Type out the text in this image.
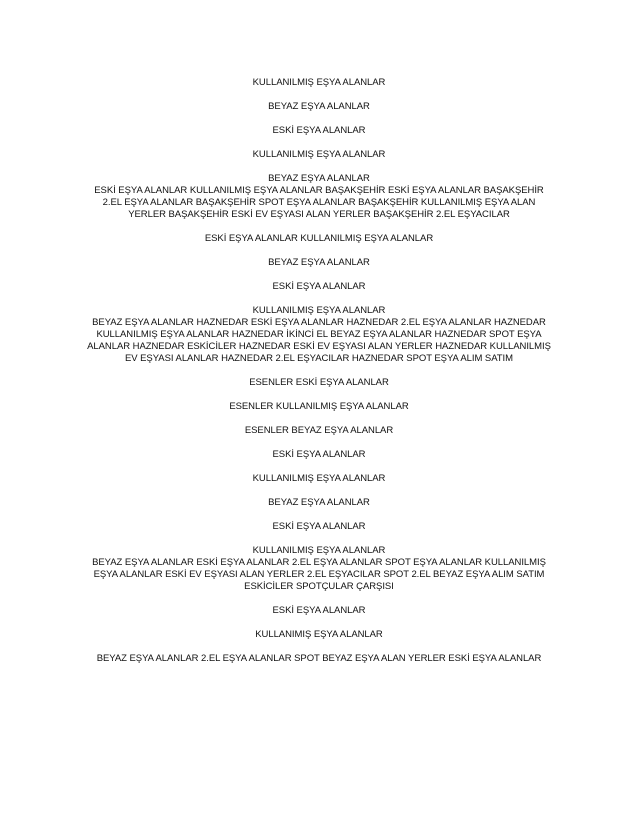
KULLANILMIŞ EŞYA ALANLAR

BEYAZ EŞYA ALANLAR

ESKİ EŞYA ALANLAR

KULLANILMIŞ EŞYA ALANLAR

BEYAZ EŞYA ALANLAR

ESKİ EŞYA ALANLAR KULLANILMIŞ EŞYA ALANLAR BAŞAKŞEHİR ESKİ EŞYA ALANLAR BAŞAKŞEHİR 2.EL EŞYA ALANLAR BAŞAKŞEHİR SPOT EŞYA ALANLAR BAŞAKŞEHİR KULLANILMIŞ EŞYA ALAN YERLER BAŞAKŞEHİR ESKİ EV EŞYASI ALAN YERLER BAŞAKŞEHİR 2.EL EŞYACILAR

ESKİ EŞYA ALANLAR KULLANILMIŞ EŞYA ALANLAR

BEYAZ EŞYA ALANLAR

ESKİ EŞYA ALANLAR

KULLANILMIŞ EŞYA ALANLAR

BEYAZ EŞYA ALANLAR HAZNEDAR ESKİ EŞYA ALANLAR HAZNEDAR 2.EL EŞYA ALANLAR HAZNEDAR KULLANILMIŞ EŞYA ALANLAR HAZNEDAR İKİNCİ EL BEYAZ EŞYA ALANLAR HAZNEDAR SPOT EŞYA ALANLAR HAZNEDAR ESKİCİLER HAZNEDAR ESKİ EV EŞYASI ALAN YERLER HAZNEDAR KULLANILMIŞ EV EŞYASI ALANLAR HAZNEDAR 2.EL EŞYACILAR HAZNEDAR SPOT EŞYA ALIM SATIM

ESENLER ESKİ EŞYA ALANLAR

ESENLER KULLANILMIŞ EŞYA ALANLAR

ESENLER BEYAZ EŞYA ALANLAR

ESKİ EŞYA ALANLAR

KULLANILMIŞ EŞYA ALANLAR

BEYAZ EŞYA ALANLAR

ESKİ EŞYA ALANLAR

KULLANILMIŞ EŞYA ALANLAR

BEYAZ EŞYA ALANLAR ESKİ EŞYA ALANLAR 2.EL EŞYA ALANLAR SPOT EŞYA ALANLAR KULLANILMIŞ EŞYA ALANLAR ESKİ EV EŞYASI ALAN YERLER 2.EL EŞYACILAR SPOT 2.EL BEYAZ EŞYA ALIM SATIM ESKİCİLER SPOTÇULAR ÇARŞISI

ESKİ EŞYA ALANLAR

KULLANIMIŞ EŞYA ALANLAR

BEYAZ EŞYA ALANLAR 2.EL EŞYA ALANLAR SPOT BEYAZ EŞYA ALAN YERLER ESKİ EŞYA ALANLAR
